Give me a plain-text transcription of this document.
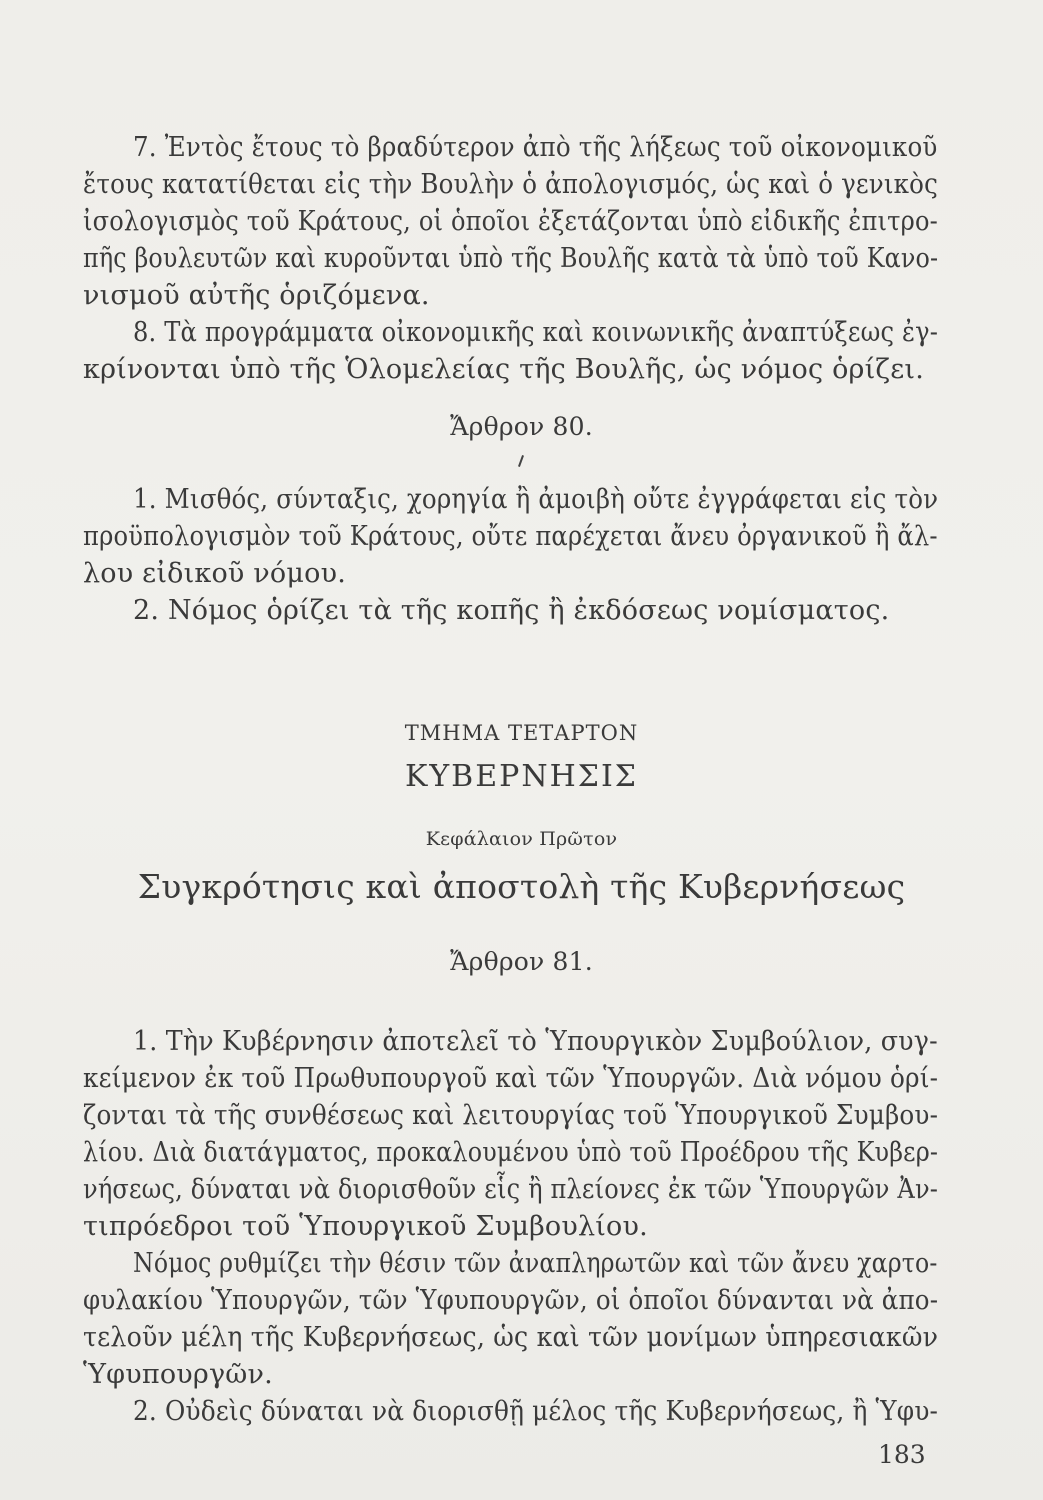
7. Ἐντὸς ἔτους τὸ βραδύτερον ἀπὸ τῆς λήξεως τοῦ οἰκονομικοῦ
ἔτους κατατίθεται εἰς τὴν Βουλὴν ὁ ἀπολογισμός, ὡς καὶ ὁ γενικὸς
ἰσολογισμὸς τοῦ Κράτους, οἱ ὁποῖοι ἐξετάζονται ὑπὸ εἰδικῆς ἐπιτρο-
πῆς βουλευτῶν καὶ κυροῦνται ὑπὸ τῆς Βουλῆς κατὰ τὰ ὑπὸ τοῦ Κανο-
νισμοῦ αὐτῆς ὁριζόμενα.
8. Τὰ προγράμματα οἰκονομικῆς καὶ κοινωνικῆς ἀναπτύξεως ἐγ-
κρίνονται ὑπὸ τῆς Ὁλομελείας τῆς Βουλῆς, ὡς νόμος ὁρίζει.
Ἄρθρον 80.
1. Μισθός, σύνταξις, χορηγία ἢ ἀμοιβὴ οὔτε ἐγγράφεται εἰς τὸν
προϋπολογισμὸν τοῦ Κράτους, οὔτε παρέχεται ἄνευ ὀργανικοῦ ἢ ἄλ-
λου εἰδικοῦ νόμου.
2. Νόμος ὁρίζει τὰ τῆς κοπῆς ἢ ἐκδόσεως νομίσματος.
ΤΜΗΜΑ ΤΕΤΑΡΤΟΝ
ΚΥΒΕΡΝΗΣΙΣ
Κεφάλαιον Πρῶτον
Συγκρότησις καὶ ἀποστολὴ τῆς Κυβερνήσεως
Ἄρθρον 81.
1. Τὴν Κυβέρνησιν ἀποτελεῖ τὸ Ὑπουργικὸν Συμβούλιον, συγ-
κείμενον ἐκ τοῦ Πρωθυπουργοῦ καὶ τῶν Ὑπουργῶν. Διὰ νόμου ὁρί-
ζονται τὰ τῆς συνθέσεως καὶ λειτουργίας τοῦ Ὑπουργικοῦ Συμβου-
λίου. Διὰ διατάγματος, προκαλουμένου ὑπὸ τοῦ Προέδρου τῆς Κυβερ-
νήσεως, δύναται νὰ διορισθοῦν εἷς ἢ πλείονες ἐκ τῶν Ὑπουργῶν Ἀν-
τιπρόεδροι τοῦ Ὑπουργικοῦ Συμβουλίου.
Νόμος ρυθμίζει τὴν θέσιν τῶν ἀναπληρωτῶν καὶ τῶν ἄνευ χαρτο-
φυλακίου Ὑπουργῶν, τῶν Ὑφυπουργῶν, οἱ ὁποῖοι δύνανται νὰ ἀπο-
τελοῦν μέλη τῆς Κυβερνήσεως, ὡς καὶ τῶν μονίμων ὑπηρεσιακῶν
Ὑφυπουργῶν.
2. Οὐδεὶς δύναται νὰ διορισθῇ μέλος τῆς Κυβερνήσεως, ἢ Ὑφυ-
183
